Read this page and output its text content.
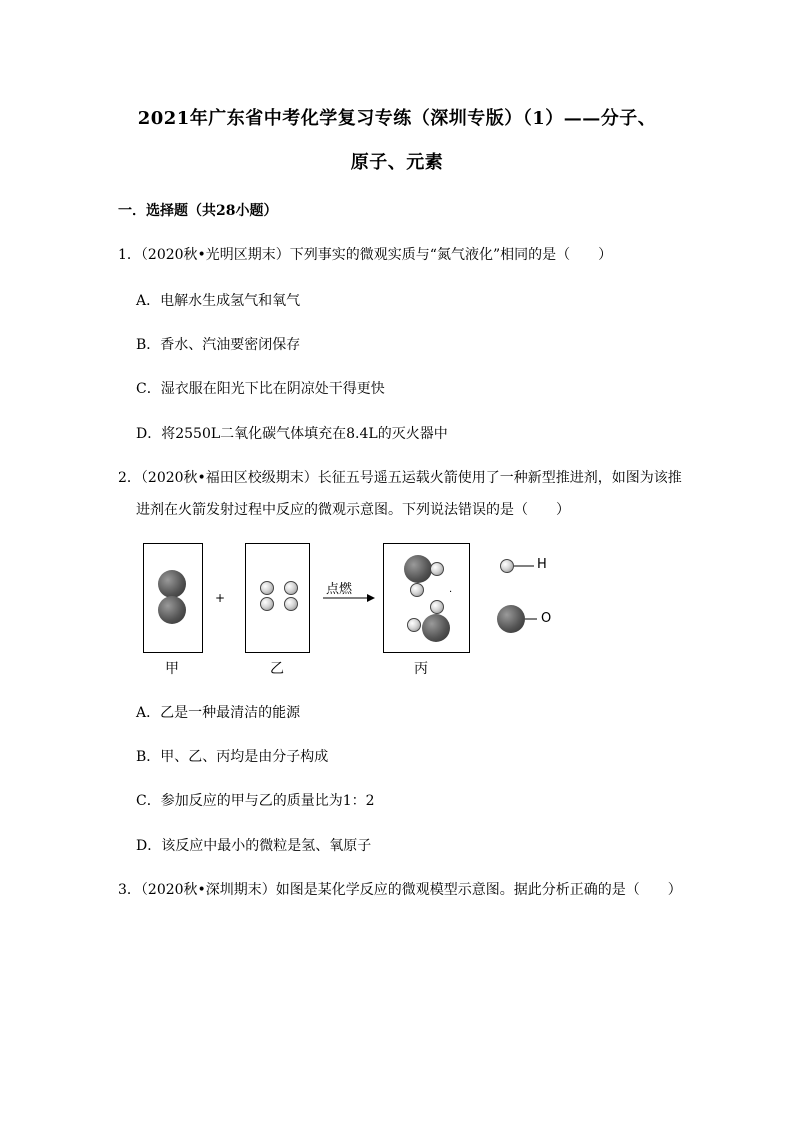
2021年广东省中考化学复习专练（深圳专版）（1）——分子、
原子、元素
一．选择题（共28小题）
1．（2020秋•光明区期末）下列事实的微观实质与“氮气液化”相同的是（　　）
A．电解水生成氢气和氧气
B．香水、汽油要密闭保存
C．湿衣服在阳光下比在阴凉处干得更快
D．将2550L二氧化碳气体填充在8.4L的灭火器中
2．（2020秋•福田区校级期末）长征五号遥五运载火箭使用了一种新型推进剂，如图为该推
进剂在火箭发射过程中反应的微观示意图。下列说法错误的是（　　）
+
点燃	.
甲	乙	丙
H
O
A．乙是一种最清洁的能源
B．甲、乙、丙均是由分子构成
C．参加反应的甲与乙的质量比为1：2
D．该反应中最小的微粒是氢、氧原子
3．（2020秋•深圳期末）如图是某化学反应的微观模型示意图。据此分析正确的是（　　）
